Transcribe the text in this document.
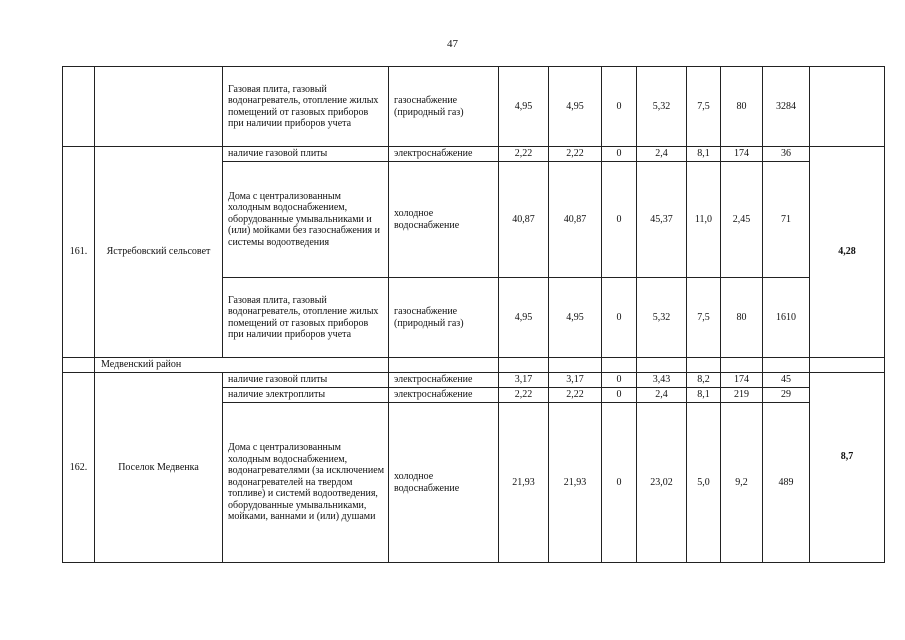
47
		Газовая плита, газовый водонагреватель, отопление жилых помещений от газовых приборов при наличии приборов учета	газоснабжение (природный газ)	4,95	4,95	0	5,32	7,5	80	3284	
161.	Ястребовский сельсовет	наличие газовой плиты	электроснабжение	2,22	2,22	0	2,4	8,1	174	36	4,28
		Дома с централизованным холодным водоснабжением, оборудованные умывальниками и (или) мойками без газоснабжения и системы водоотведения	холодное водоснабжение	40,87	40,87	0	45,37	11,0	2,45	71	
		Газовая плита, газовый водонагреватель, отопление жилых помещений от газовых приборов при наличии приборов учета	газоснабжение (природный газ)	4,95	4,95	0	5,32	7,5	80	1610	
	Медвенский район										
162.	Поселок Медвенка	наличие газовой плиты	электроснабжение	3,17	3,17	0	3,43	8,2	174	45	8,7
		наличие электроплиты	электроснабжение	2,22	2,22	0	2,4	8,1	219	29	
		Дома с централизованным холодным водоснабжением, водонагревателями (за исключением водонагревателей на твердом топливе) и системй водоотведения, оборудованные умывальниками, мойками, ваннами и (или) душами	холодное водоснабжение	21,93	21,93	0	23,02	5,0	9,2	489	
